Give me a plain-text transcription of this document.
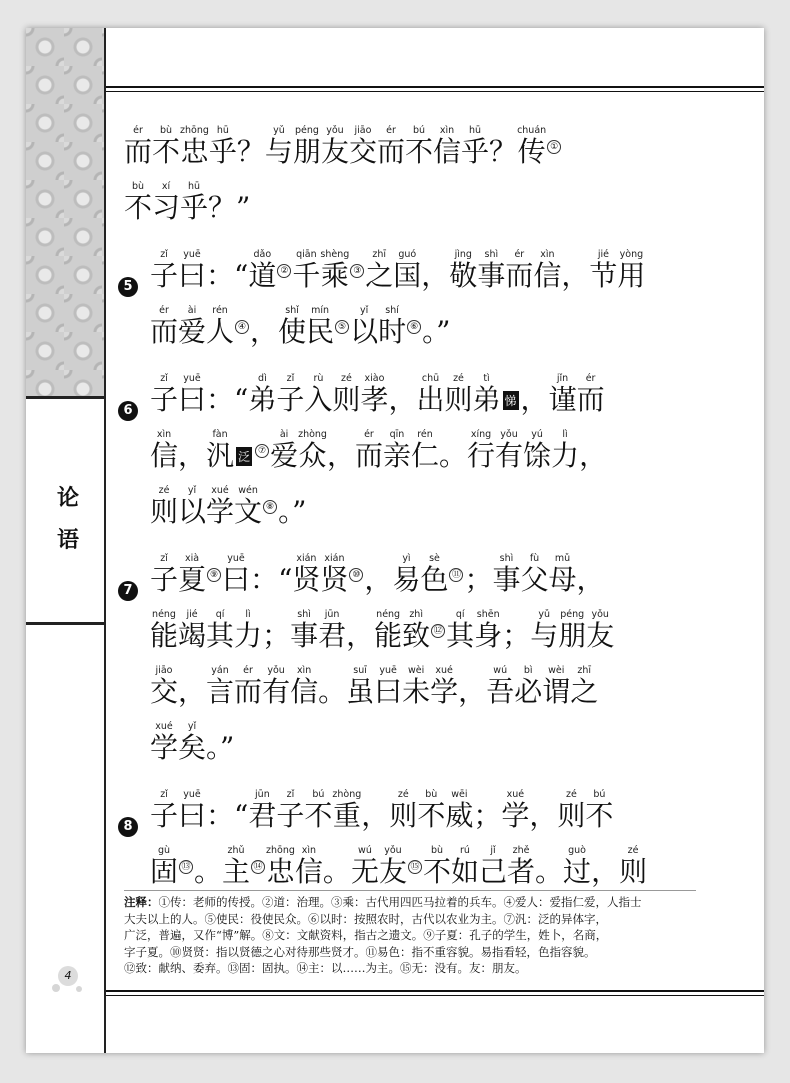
论
语
4
而ér不bù忠zhōng乎hū？与yǔ朋péng友yǒu交jiāo而ér不bú信xìn乎hū？传chuán①
不bù习xí乎hū？”
5 子zǐ曰yuē：“道dǎo② 千qiān乘shèng③ 之zhī国guó，敬jìng事shì而ér信xìn，节jié用yòng
而ér爱ài人rén④ ，使shǐ民mín⑤ 以yǐ时shí⑥ 。”
6 子zǐ曰yuē：“弟dì子zǐ入rù则zé孝xiào，出chū则zé弟tì悌 ，谨jǐn而ér
信xìn，汎fàn泛 ⑦ 爱ài众zhòng，而ér亲qīn仁rén。行xíng有yǒu馀yú力lì，
则zé以yǐ学xué文wén⑧ 。”
7 子zǐ夏xià⑨ 曰yuē：“贤xián贤xián⑩ ，易yì色sè⑪ ；事shì父fù母mǔ，
能néng竭jié其qí力lì；事shì君jūn，能néng致zhì⑫ 其qí身shēn；与yǔ朋péng友yǒu
交jiāo，言yán而ér有yǒu信xìn。虽suī曰yuē未wèi学xué，吾wú必bì谓wèi之zhī
学xué矣yǐ。”
8 子zǐ曰yuē：“君jūn子zǐ不bú重zhòng，则zé不bù威wēi；学xué，则zé不bú
固gù⑬ 。主zhǔ⑭ 忠zhōng信xìn。无wú友yǒu⑮ 不bù如rú己jǐ者zhě。过guò，则zé
注释：①传：老师的传授。②道：治理。③乘：古代用四匹马拉着的兵车。④爱人：爱指仁爱，人指士
大夫以上的人。⑤使民：役使民众。⑥以时：按照农时，古代以农业为主。⑦汎：泛的异体字，
广泛，普遍，又作“博”解。⑧文：文献资料，指古之遗文。⑨子夏：孔子的学生，姓卜，名商，
字子夏。⑩贤贤：指以贤德之心对待那些贤才。⑪易色：指不重容貌。易指看轻，色指容貌。
⑫致：献纳、委弃。⑬固：固执。⑭主：以……为主。⑮无：没有。友：朋友。
